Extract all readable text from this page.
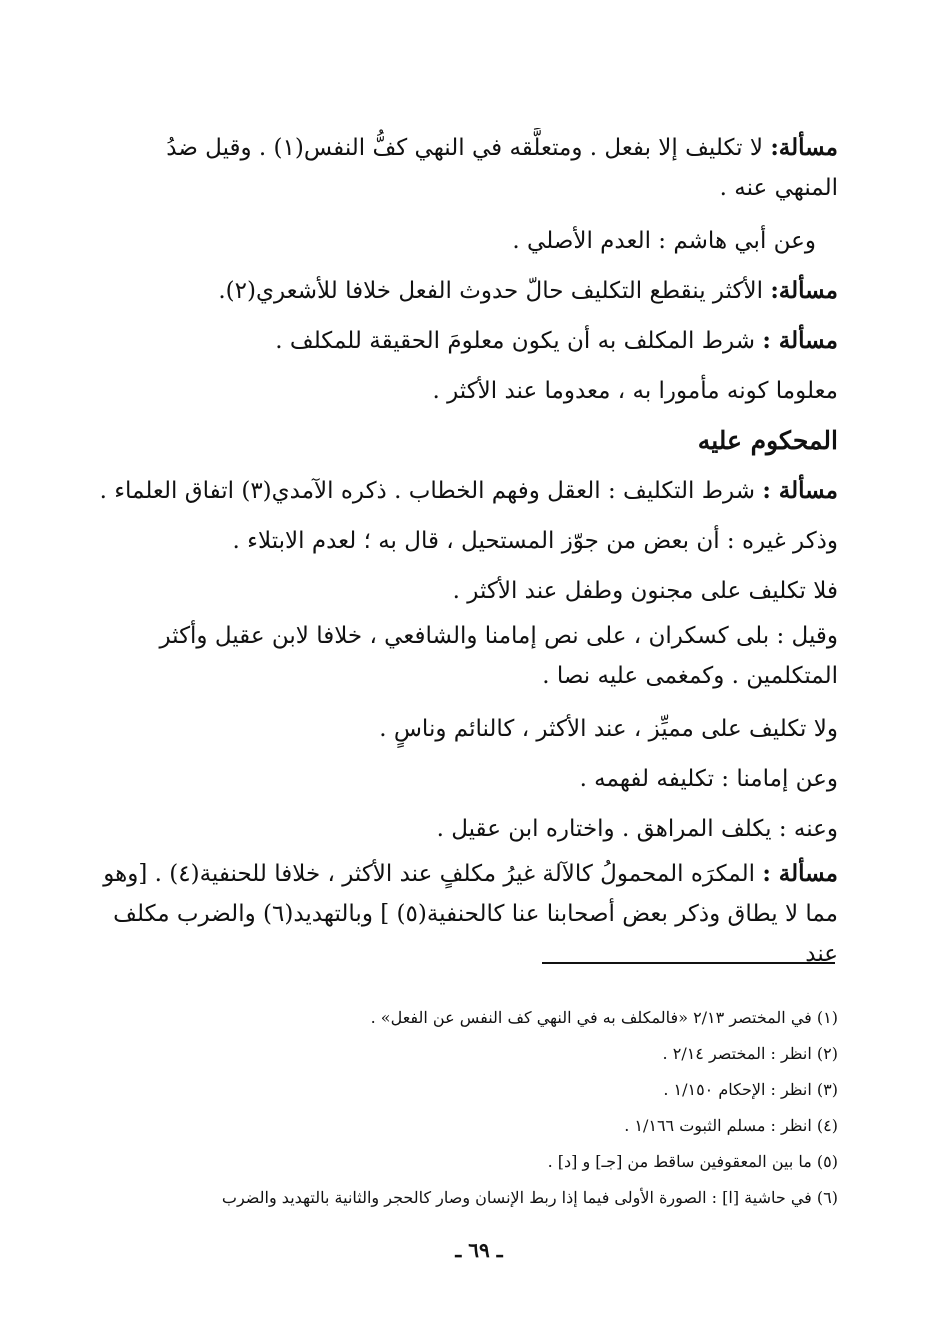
مسألة: لا تكليف إلا بفعل . ومتعلَّقه في النهي كفُّ النفس(١) . وقيل ضدُ المنهي عنه .
وعن أبي هاشم : العدم الأصلي .
مسألة: الأكثر ينقطع التكليف حالّ حدوث الفعل خلافا للأشعري(٢).
مسألة : شرط المكلف به أن يكون معلومَ الحقيقة للمكلف .
معلوما كونه مأمورا به ، معدوما عند الأكثر .
المحكوم عليه
مسألة : شرط التكليف : العقل وفهم الخطاب . ذكره الآمدي(٣) اتفاق العلماء .
وذكر غيره : أن بعض من جوّز المستحيل ، قال به ؛ لعدم الابتلاء .
فلا تكليف على مجنون وطفل عند الأكثر .
وقيل : بلى كسكران ، على نص إمامنا والشافعي ، خلافا لابن عقيل وأكثر المتكلمين . وكمغمى عليه نصا .
ولا تكليف على مميِّز ، عند الأكثر ، كالنائم وناسٍ .
وعن إمامنا : تكليفه لفهمه .
وعنه : يكلف المراهق . واختاره ابن عقيل .
مسألة : المكرَه المحمولُ كالآلة غيرُ مكلفٍ عند الأكثر ، خلافا للحنفية(٤) . [وهو مما لا يطاق وذكر بعض أصحابنا عنا كالحنفية(٥) ] وبالتهديد(٦) والضرب مكلف عند
(١) في المختصر ٢/١٣ «فالمكلف به في النهي كف النفس عن الفعل» .
(٢) انظر : المختصر ٢/١٤ .
(٣) انظر : الإحكام ١/١٥٠ .
(٤) انظر : مسلم الثبوت ١/١٦٦ .
(٥) ما بين المعقوفين ساقط من [جـ] و [د] .
(٦) في حاشية [ا] : الصورة الأولى فيما إذا ربط الإنسان وصار كالحجر والثانية بالتهديد والضرب
ـ ٦٩ ـ
